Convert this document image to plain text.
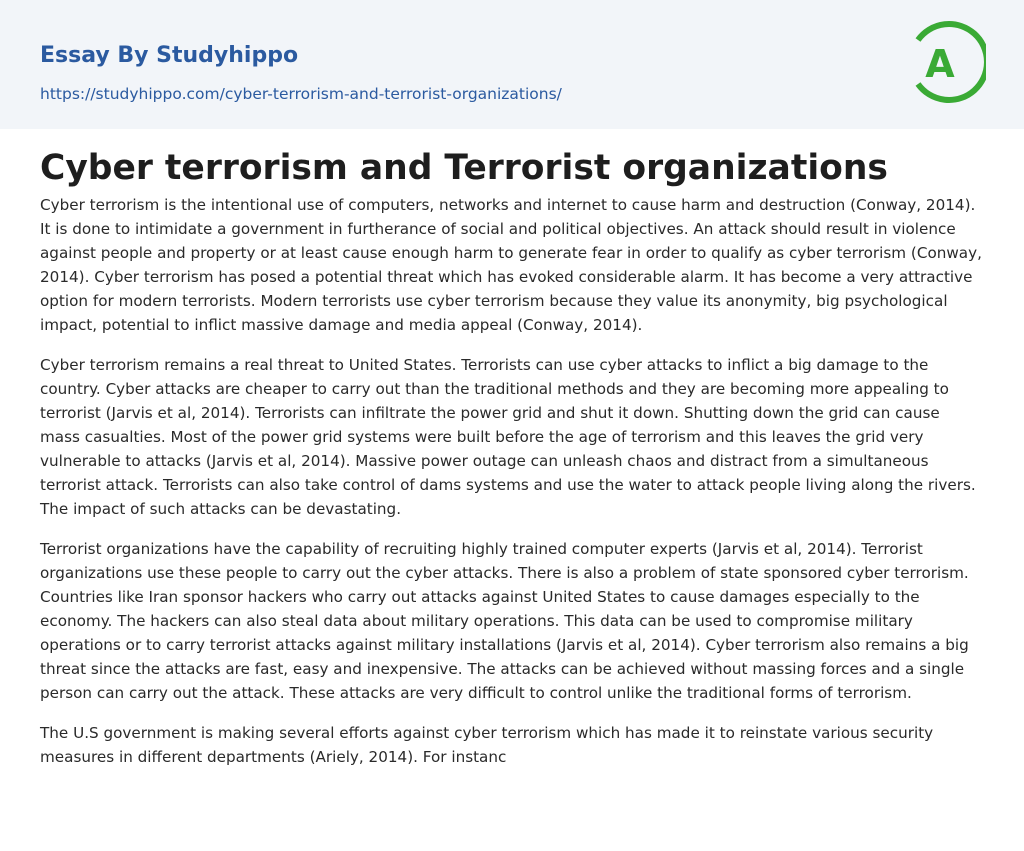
Essay By Studyhippo
https://studyhippo.com/cyber-terrorism-and-terrorist-organizations/
A
Cyber terrorism and Terrorist organizations

Cyber terrorism is the intentional use of computers, networks and internet to cause harm and destruction (Conway, 2014). It is done to intimidate a government in furtherance of social and political objectives. An attack should result in violence against people and property or at least cause enough harm to generate fear in order to qualify as cyber terrorism (Conway, 2014). Cyber terrorism has posed a potential threat which has evoked considerable alarm. It has become a very attractive option for modern terrorists. Modern terrorists use cyber terrorism because they value its anonymity, big psychological impact, potential to inflict massive damage and media appeal (Conway, 2014).

Cyber terrorism remains a real threat to United States. Terrorists can use cyber attacks to inflict a big damage to the country. Cyber attacks are cheaper to carry out than the traditional methods and they are becoming more appealing to terrorist (Jarvis et al, 2014). Terrorists can infiltrate the power grid and shut it down. Shutting down the grid can cause mass casualties. Most of the power grid systems were built before the age of terrorism and this leaves the grid very vulnerable to attacks (Jarvis et al, 2014). Massive power outage can unleash chaos and distract from a simultaneous terrorist attack. Terrorists can also take control of dams systems and use the water to attack people living along the rivers. The impact of such attacks can be devastating.

Terrorist organizations have the capability of recruiting highly trained computer experts (Jarvis et al, 2014). Terrorist organizations use these people to carry out the cyber attacks. There is also a problem of state sponsored cyber terrorism. Countries like Iran sponsor hackers who carry out attacks against United States to cause damages especially to the economy. The hackers can also steal data about military operations. This data can be used to compromise military operations or to carry terrorist attacks against military installations (Jarvis et al, 2014). Cyber terrorism also remains a big threat since the attacks are fast, easy and inexpensive. The attacks can be achieved without massing forces and a single person can carry out the attack. These attacks are very difficult to control unlike the traditional forms of terrorism.

The U.S government is making several efforts against cyber terrorism which has made it to reinstate various security measures in different departments (Ariely, 2014). For instanc
